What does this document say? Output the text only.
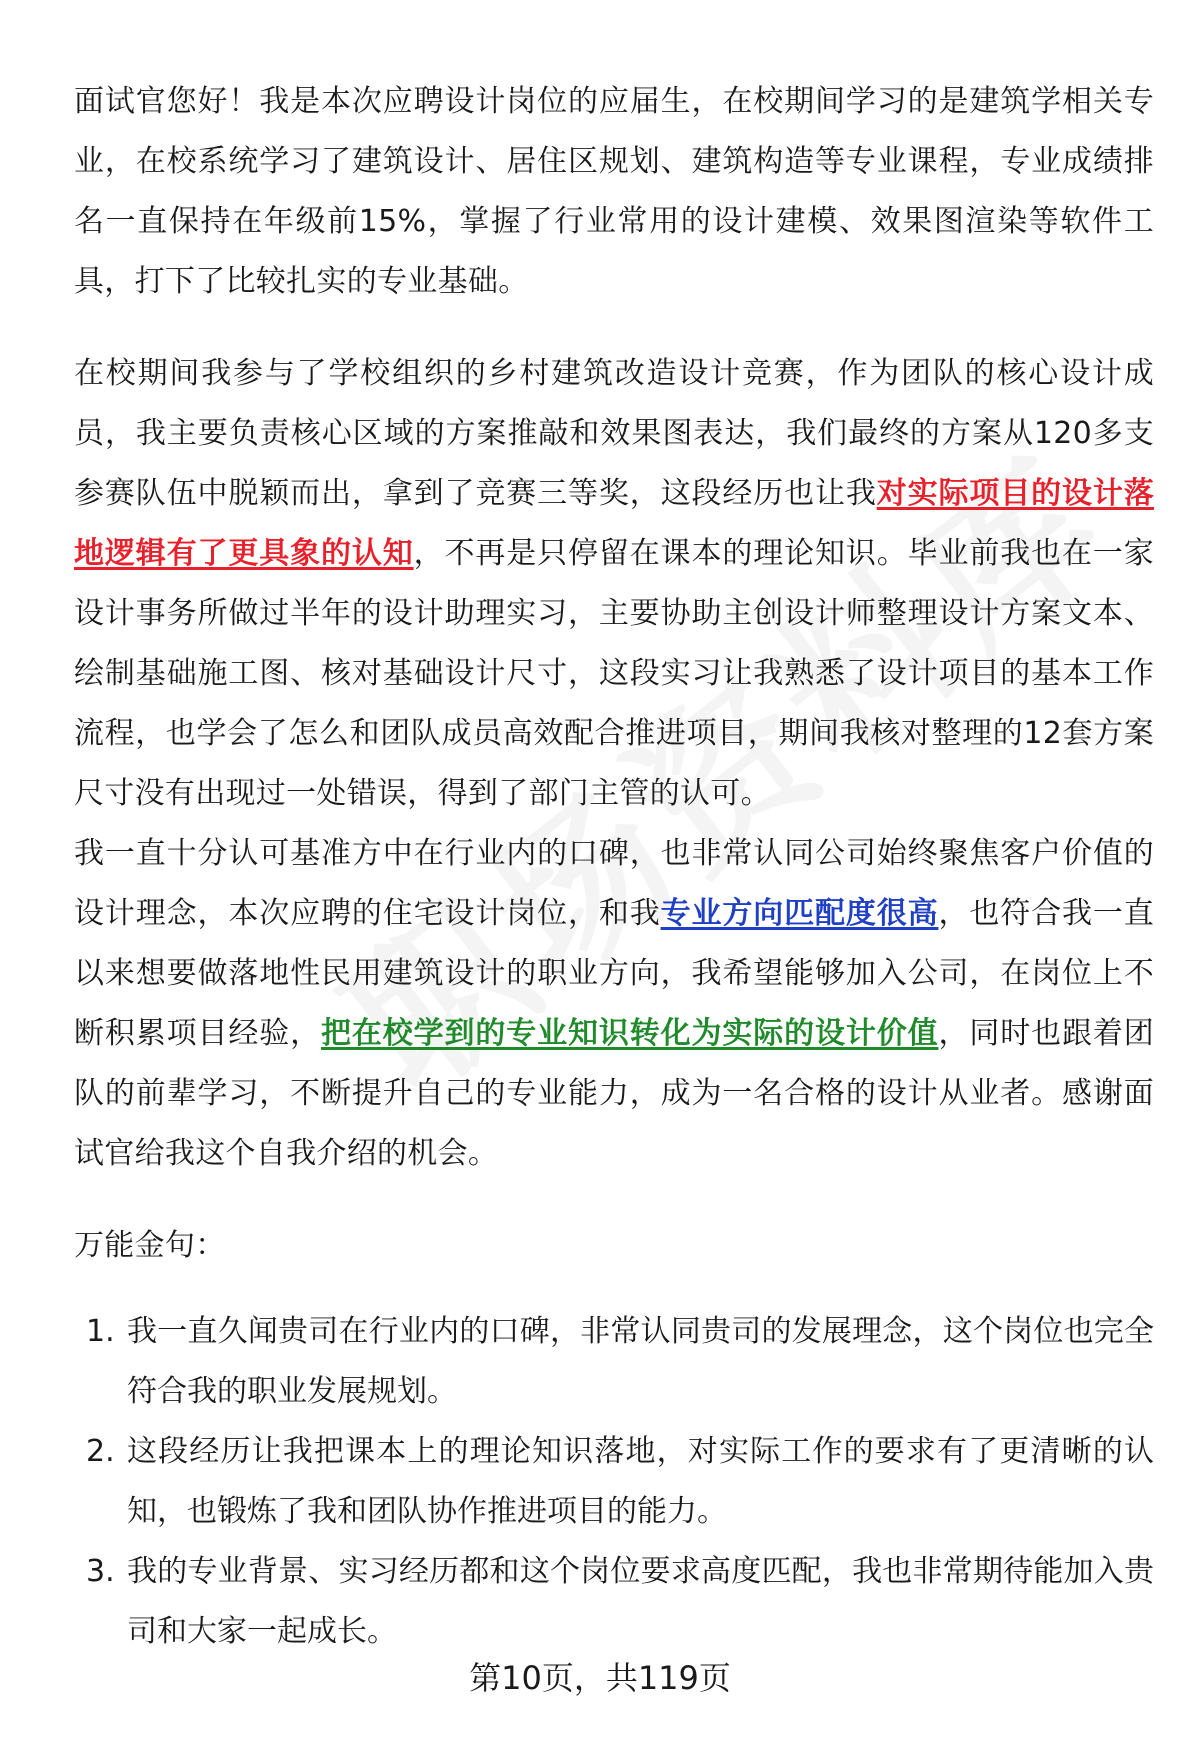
面试官您好！我是本次应聘设计岗位的应届生，在校期间学习的是建筑学相关专业，在校系统学习了建筑设计、居住区规划、建筑构造等专业课程，专业成绩排名一直保持在年级前15%，掌握了行业常用的设计建模、效果图渲染等软件工具，打下了比较扎实的专业基础。

在校期间我参与了学校组织的乡村建筑改造设计竞赛，作为团队的核心设计成员，我主要负责核心区域的方案推敲和效果图表达，我们最终的方案从120多支参赛队伍中脱颖而出，拿到了竞赛三等奖，这段经历也让我对实际项目的设计落地逻辑有了更具象的认知，不再是只停留在课本的理论知识。毕业前我也在一家设计事务所做过半年的设计助理实习，主要协助主创设计师整理设计方案文本、绘制基础施工图、核对基础设计尺寸，这段实习让我熟悉了设计项目的基本工作流程，也学会了怎么和团队成员高效配合推进项目，期间我核对整理的12套方案尺寸没有出现过一处错误，得到了部门主管的认可。

我一直十分认可基准方中在行业内的口碑，也非常认同公司始终聚焦客户价值的设计理念，本次应聘的住宅设计岗位，和我专业方向匹配度很高，也符合我一直以来想要做落地性民用建筑设计的职业方向，我希望能够加入公司，在岗位上不断积累项目经验，把在校学到的专业知识转化为实际的设计价值，同时也跟着团队的前辈学习，不断提升自己的专业能力，成为一名合格的设计从业者。感谢面试官给我这个自我介绍的机会。

万能金句：

1. 我一直久闻贵司在行业内的口碑，非常认同贵司的发展理念，这个岗位也完全符合我的职业发展规划。
2. 这段经历让我把课本上的理论知识落地，对实际工作的要求有了更清晰的认知，也锻炼了我和团队协作推进项目的能力。
3. 我的专业背景、实习经历都和这个岗位要求高度匹配，我也非常期待能加入贵司和大家一起成长。
第10页，共119页
